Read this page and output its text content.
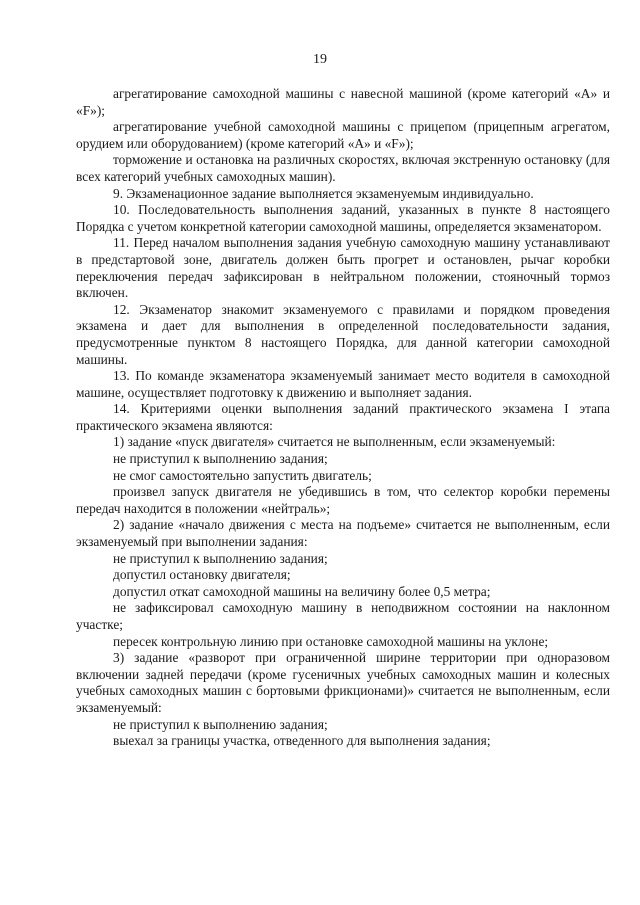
19

агрегатирование самоходной машины с навесной машиной (кроме категорий «А» и «F»);

агрегатирование учебной самоходной машины с прицепом (прицепным агрегатом, орудием или оборудованием) (кроме категорий «А» и «F»);

торможение и остановка на различных скоростях, включая экстренную остановку (для всех категорий учебных самоходных машин).

9. Экзаменационное задание выполняется экзаменуемым индивидуально.

10. Последовательность выполнения заданий, указанных в пункте 8 настоящего Порядка с учетом конкретной категории самоходной машины, определяется экзаменатором.

11. Перед началом выполнения задания учебную самоходную машину устанавливают в предстартовой зоне, двигатель должен быть прогрет и остановлен, рычаг коробки переключения передач зафиксирован в нейтральном положении, стояночный тормоз включен.

12. Экзаменатор знакомит экзаменуемого с правилами и порядком проведения экзамена и дает для выполнения в определенной последовательности задания, предусмотренные пунктом 8 настоящего Порядка, для данной категории самоходной машины.

13. По команде экзаменатора экзаменуемый занимает место водителя в самоходной машине, осуществляет подготовку к движению и выполняет задания.

14. Критериями оценки выполнения заданий практического экзамена I этапа практического экзамена являются:

1) задание «пуск двигателя» считается не выполненным, если экзаменуемый:

не приступил к выполнению задания;

не смог самостоятельно запустить двигатель;

произвел запуск двигателя не убедившись в том, что селектор коробки перемены передач находится в положении «нейтраль»;

2) задание «начало движения с места на подъеме» считается не выполненным, если экзаменуемый при выполнении задания:

не приступил к выполнению задания;

допустил остановку двигателя;

допустил откат самоходной машины на величину более 0,5 метра;

не зафиксировал самоходную машину в неподвижном состоянии на наклонном участке;

пересек контрольную линию при остановке самоходной машины на уклоне;

3) задание «разворот при ограниченной ширине территории при одноразовом включении задней передачи (кроме гусеничных учебных самоходных машин и колесных учебных самоходных машин с бортовыми фрикционами)» считается не выполненным, если экзаменуемый:

не приступил к выполнению задания;

выехал за границы участка, отведенного для выполнения задания;
